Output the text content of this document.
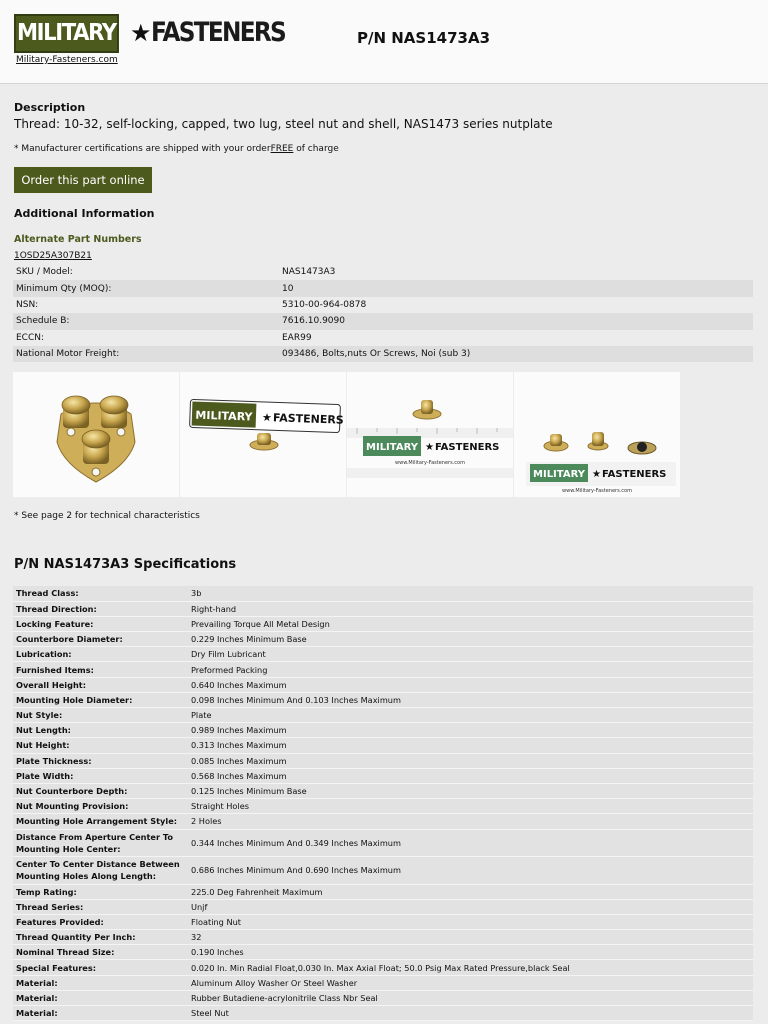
MILITARY ★ FASTENERS
Military-Fasteners.com
P/N NAS1473A3
Description
Thread: 10-32, self-locking, capped, two lug, steel nut and shell, NAS1473 series nutplate
* Manufacturer certifications are shipped with your orderFREE of charge
Order this part online
Additional Information
Alternate Part Numbers
1OSD25A307B21
SKU / Model:	NAS1473A3
Minimum Qty (MOQ):	10
NSN:	5310-00-964-0878
Schedule B:	7616.10.9090
ECCN:	EAR99
National Motor Freight:	093486, Bolts,nuts Or Screws, Noi (sub 3)
MILITARY ★ FASTENERS
MILITARY ★ FASTENERS
www.Military-Fasteners.com
MILITARY ★ FASTENERS
www.Military-Fasteners.com
* See page 2 for technical characteristics
P/N NAS1473A3 Specifications
Thread Class:	3b
Thread Direction:	Right-hand
Locking Feature:	Prevailing Torque All Metal Design
Counterbore Diameter:	0.229 Inches Minimum Base
Lubrication:	Dry Film Lubricant
Furnished Items:	Preformed Packing
Overall Height:	0.640 Inches Maximum
Mounting Hole Diameter:	0.098 Inches Minimum And 0.103 Inches Maximum
Nut Style:	Plate
Nut Length:	0.989 Inches Maximum
Nut Height:	0.313 Inches Maximum
Plate Thickness:	0.085 Inches Maximum
Plate Width:	0.568 Inches Maximum
Nut Counterbore Depth:	0.125 Inches Minimum Base
Nut Mounting Provision:	Straight Holes
Mounting Hole Arrangement Style:	2 Holes
Distance From Aperture Center To Mounting Hole Center:	0.344 Inches Minimum And 0.349 Inches Maximum
Center To Center Distance Between Mounting Holes Along Length:	0.686 Inches Minimum And 0.690 Inches Maximum
Temp Rating:	225.0 Deg Fahrenheit Maximum
Thread Series:	Unjf
Features Provided:	Floating Nut
Thread Quantity Per Inch:	32
Nominal Thread Size:	0.190 Inches
Special Features:	0.020 In. Min Radial Float,0.030 In. Max Axial Float; 50.0 Psig Max Rated Pressure,black Seal
Material:	Aluminum Alloy Washer Or Steel Washer
Material:	Rubber Butadiene-acrylonitrile Class Nbr Seal
Material:	Steel Nut
